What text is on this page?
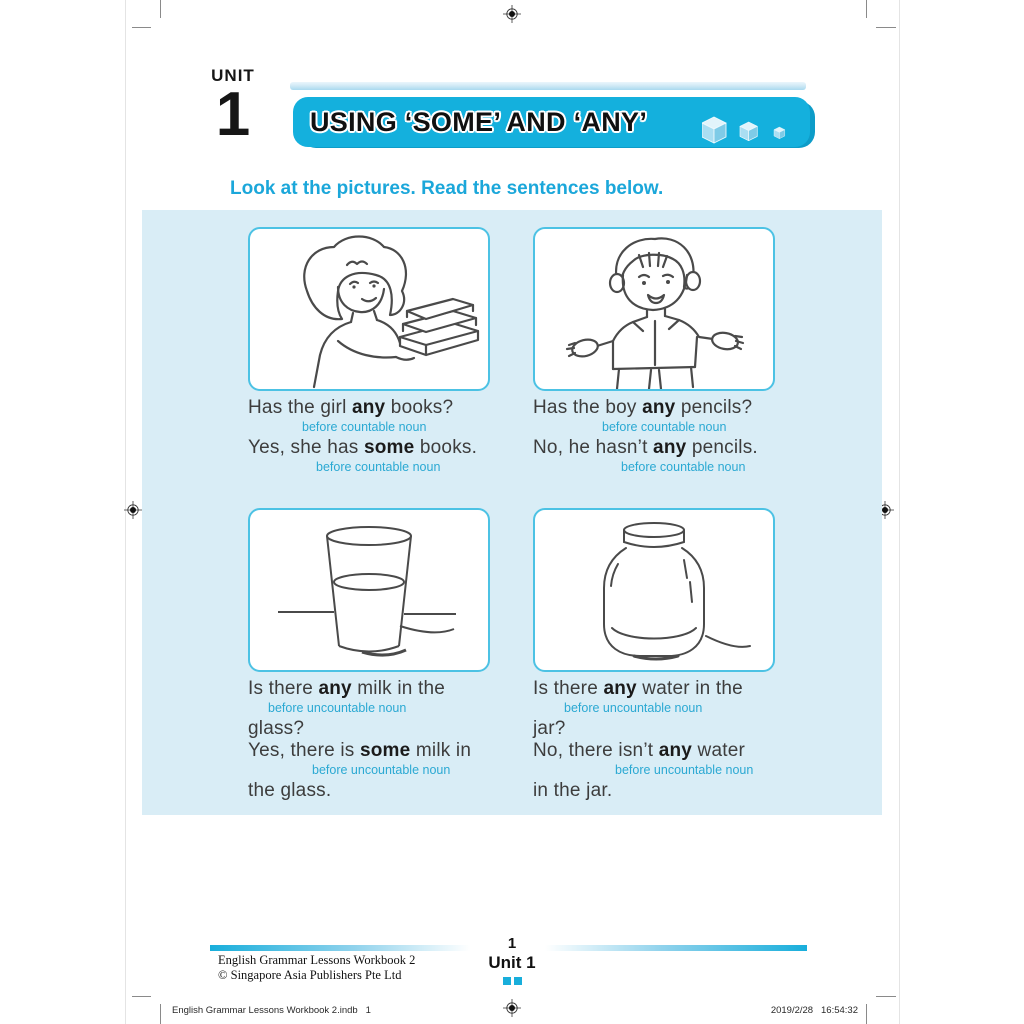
UNIT
1	USING ‘SOME’ AND ‘ANY’
Look at the pictures. Read the sentences below.
Has the girl any books?
before countable noun
Yes, she has some books.
before countable noun
Has the boy any pencils?
before countable noun
No, he hasn’t any pencils.
before countable noun
Is there any milk in the
before uncountable noun
glass?
Yes, there is some milk in
before uncountable noun
the glass.
Is there any water in the
before uncountable noun
jar?
No, there isn’t any water
before uncountable noun
in the jar.
1
Unit 1
English Grammar Lessons Workbook 2
© Singapore Asia Publishers Pte Ltd
English Grammar Lessons Workbook 2.indb   1	2019/2/28   16:54:32
